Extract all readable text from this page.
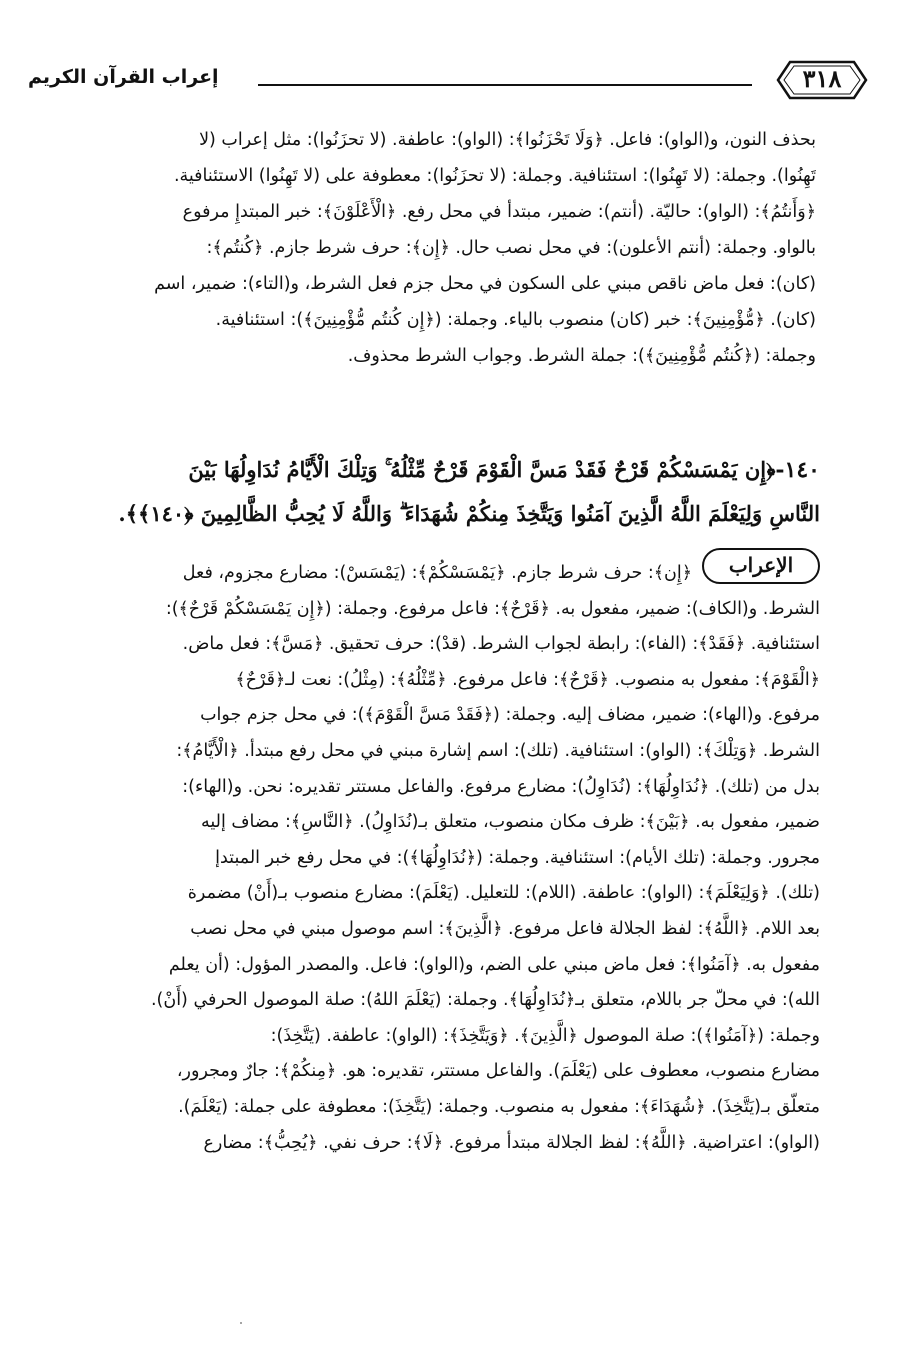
٣١٨
إعراب القرآن الكريم
بحذف النون، و(الواو): فاعل. ﴿وَلَا تَحْزَنُوا﴾: (الواو): عاطفة. (لا تحزَنُوا): مثل إعراب (لا
تَهِنُوا). وجملة: (لا تَهِنُوا): استئنافية. وجملة: (لا تحزَنُوا): معطوفة على (لا تَهِنُوا) الاستئنافية.
﴿وَأَنتُمُ﴾: (الواو): حاليّة. (أنتم): ضمير، مبتدأ في محل رفع. ﴿الْأَعْلَوْنَ﴾: خبر المبتدإِ مرفوع
بالواو. وجملة: (أنتم الأعلون): في محل نصب حال. ﴿إِن﴾: حرف شرط جازم. ﴿كُنتُم﴾:
(كان): فعل ماض ناقص مبني على السكون في محل جزم فعل الشرط، و(التاء): ضمير، اسم
(كان). ﴿مُّؤْمِنِينَ﴾: خبر (كان) منصوب بالياء. وجملة: (﴿إِن كُنتُم مُّؤْمِنِينَ﴾): استئنافية.
وجملة: (﴿كُنتُم مُّؤْمِنِينَ﴾): جملة الشرط. وجواب الشرط محذوف.
١٤٠-﴿إِن يَمْسَسْكُمْ قَرْحٌ فَقَدْ مَسَّ الْقَوْمَ قَرْحٌ مِّثْلُهُ ۚ وَتِلْكَ الْأَيَّامُ نُدَاوِلُهَا بَيْنَ
النَّاسِ وَلِيَعْلَمَ اللَّهُ الَّذِينَ آمَنُوا وَيَتَّخِذَ مِنكُمْ شُهَدَاءَ ۗ وَاللَّهُ لَا يُحِبُّ الظَّالِمِينَ ﴿١٤٠﴾﴾.
الإعراب
﴿إِن﴾: حرف شرط جازم. ﴿يَمْسَسْكُمْ﴾: (يَمْسَسْ): مضارع مجزوم، فعل
الشرط. و(الكاف): ضمير، مفعول به. ﴿قَرْحٌ﴾: فاعل مرفوع. وجملة: (﴿إِن يَمْسَسْكُمْ قَرْحٌ﴾):
استئنافية. ﴿فَقَدْ﴾: (الفاء): رابطة لجواب الشرط. (قدْ): حرف تحقيق. ﴿مَسَّ﴾: فعل ماض.
﴿الْقَوْمَ﴾: مفعول به منصوب. ﴿قَرْحٌ﴾: فاعل مرفوع. ﴿مِّثْلُهُ﴾: (مِثْلُ): نعت لـ﴿قَرْحٌ﴾
مرفوع. و(الهاء): ضمير، مضاف إليه. وجملة: (﴿فَقَدْ مَسَّ الْقَوْمَ﴾): في محل جزم جواب
الشرط. ﴿وَتِلْكَ﴾: (الواو): استئنافية. (تلك): اسم إشارة مبني في محل رفع مبتدأ. ﴿الْأَيَّامُ﴾:
بدل من (تلك). ﴿نُدَاوِلُهَا﴾: (نُدَاوِلُ): مضارع مرفوع. والفاعل مستتر تقديره: نحن. و(الهاء):
ضمير، مفعول به. ﴿بَيْنَ﴾: ظرف مكان منصوب، متعلق بـ(نُدَاوِلُ). ﴿النَّاسِ﴾: مضاف إليه
مجرور. وجملة: (تلك الأيام): استئنافية. وجملة: (﴿نُدَاوِلُهَا﴾): في محل رفع خبر المبتدإ
(تلك). ﴿وَلِيَعْلَمَ﴾: (الواو): عاطفة. (اللام): للتعليل. (يَعْلَمَ): مضارع منصوب بـ(أَنْ) مضمرة
بعد اللام. ﴿اللَّهُ﴾: لفظ الجلالة فاعل مرفوع. ﴿الَّذِينَ﴾: اسم موصول مبني في محل نصب
مفعول به. ﴿آمَنُوا﴾: فعل ماض مبني على الضم، و(الواو): فاعل. والمصدر المؤول: (أن يعلم
الله): في محلّ جر باللام، متعلق بـ﴿نُدَاوِلُهَا﴾. وجملة: (يَعْلَمَ اللهُ): صلة الموصول الحرفي (أَنْ).
وجملة: (﴿آمَنُوا﴾): صلة الموصول ﴿الَّذِينَ﴾. ﴿وَيَتَّخِذَ﴾: (الواو): عاطفة. (يَتَّخِذَ):
مضارع منصوب، معطوف على (يَعْلَمَ). والفاعل مستتر، تقديره: هو. ﴿مِنكُمْ﴾: جارٌ ومجرور،
متعلّق بـ(يَتَّخِذَ). ﴿شُهَدَاءَ﴾: مفعول به منصوب. وجملة: (يَتَّخِذَ): معطوفة على جملة: (يَعْلَمَ).
(الواو): اعتراضية. ﴿اللَّهُ﴾: لفظ الجلالة مبتدأ مرفوع. ﴿لَا﴾: حرف نفي. ﴿يُحِبُّ﴾: مضارع
